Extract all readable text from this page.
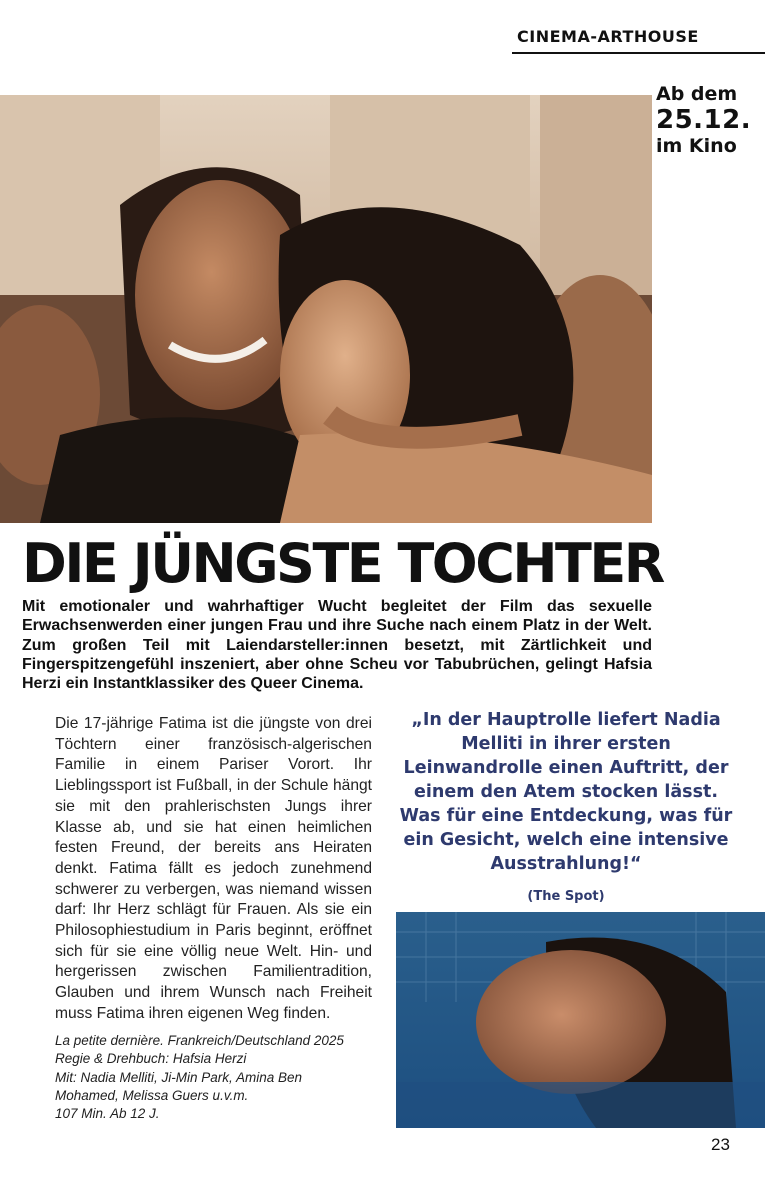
CINEMA-ARTHOUSE
Ab dem
25.12.
im Kino
DIE JÜNGSTE TOCHTER

Mit emotionaler und wahrhaftiger Wucht begleitet der Film das sexuelle Erwachsenwerden einer jungen Frau und ihre Suche nach einem Platz in der Welt. Zum großen Teil mit Laiendarsteller:innen besetzt, mit Zärtlichkeit und Fingerspitzengefühl inszeniert, aber ohne Scheu vor Tabubrüchen, gelingt Hafsia Herzi ein Instantklassiker des Queer Cinema.

Die 17-jährige Fatima ist die jüngste von drei Töchtern einer französisch-algerischen Familie in einem Pariser Vorort. Ihr Lieblingssport ist Fußball, in der Schule hängt sie mit den prahlerischsten Jungs ihrer Klasse ab, und sie hat einen heimlichen festen Freund, der bereits ans Heiraten denkt. Fatima fällt es jedoch zunehmend schwerer zu verbergen, was niemand wissen darf: Ihr Herz schlägt für Frauen. Als sie ein Philosophiestudium in Paris beginnt, eröffnet sich für sie eine völlig neue Welt. Hin- und hergerissen zwischen Familientradition, Glauben und ihrem Wunsch nach Freiheit muss Fatima ihren eigenen Weg finden.

La petite dernière. Frankreich/Deutschland 2025
Regie & Drehbuch: Hafsia Herzi
Mit: Nadia Melliti, Ji-Min Park, Amina Ben
Mohamed, Melissa Guers u.v.m.
107 Min. Ab 12 J.

„In der Hauptrolle liefert Nadia Melliti in ihrer ersten Leinwandrolle einen Auftritt, der einem den Atem stocken lässt. Was für eine Entdeckung, was für ein Gesicht, welch eine intensive Ausstrahlung!“

(The Spot)
23
